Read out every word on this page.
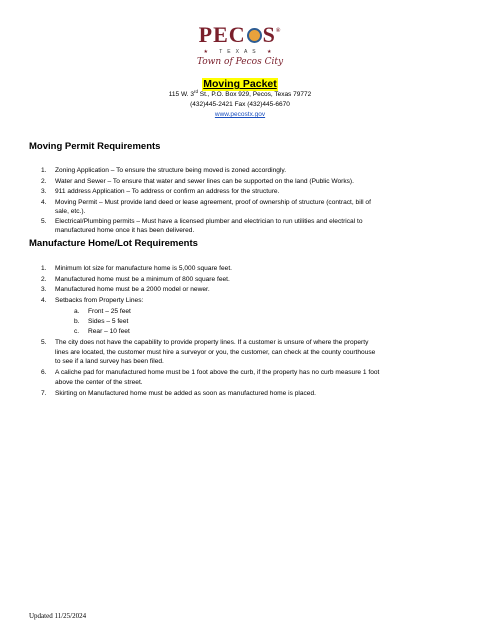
PEC S®
★ TEXAS ★
Town of Pecos City
Moving Packet
115 W. 3rd St., P.O. Box 929, Pecos, Texas 79772
(432)445-2421 Fax (432)445-6670
www.pecostx.gov
Moving Permit Requirements
1.	Zoning Application – To ensure the structure being moved is zoned accordingly.
2.	Water and Sewer – To ensure that water and sewer lines can be supported on the land (Public Works).
3.	911 address Application – To address or confirm an address for the structure.
4.	Moving Permit – Must provide land deed or lease agreement, proof of ownership of structure (contract, bill of
sale, etc.).
5.	Electrical/Plumbing permits – Must have a licensed plumber and electrician to run utilities and electrical to
manufactured home once it has been delivered.
Manufacture Home/Lot Requirements
1.	Minimum lot size for manufacture home is 5,000 square feet.
2.	Manufactured home must be a minimum of 800 square feet.
3.	Manufactured home must be a 2000 model or newer.
4.	Setbacks from Property Lines:
5.	The city does not have the capability to provide property lines. If a customer is unsure of where the property
lines are located, the customer must hire a surveyor or you, the customer, can check at the county courthouse
to see if a land survey has been filed.
6.	A caliche pad for manufactured home must be 1 foot above the curb, if the property has no curb measure 1 foot
above the center of the street.
7.	Skirting on Manufactured home must be added as soon as manufactured home is placed.
a.	Front – 25 feet
b.	Sides – 5 feet
c.	Rear – 10 feet
Updated 11/25/2024
